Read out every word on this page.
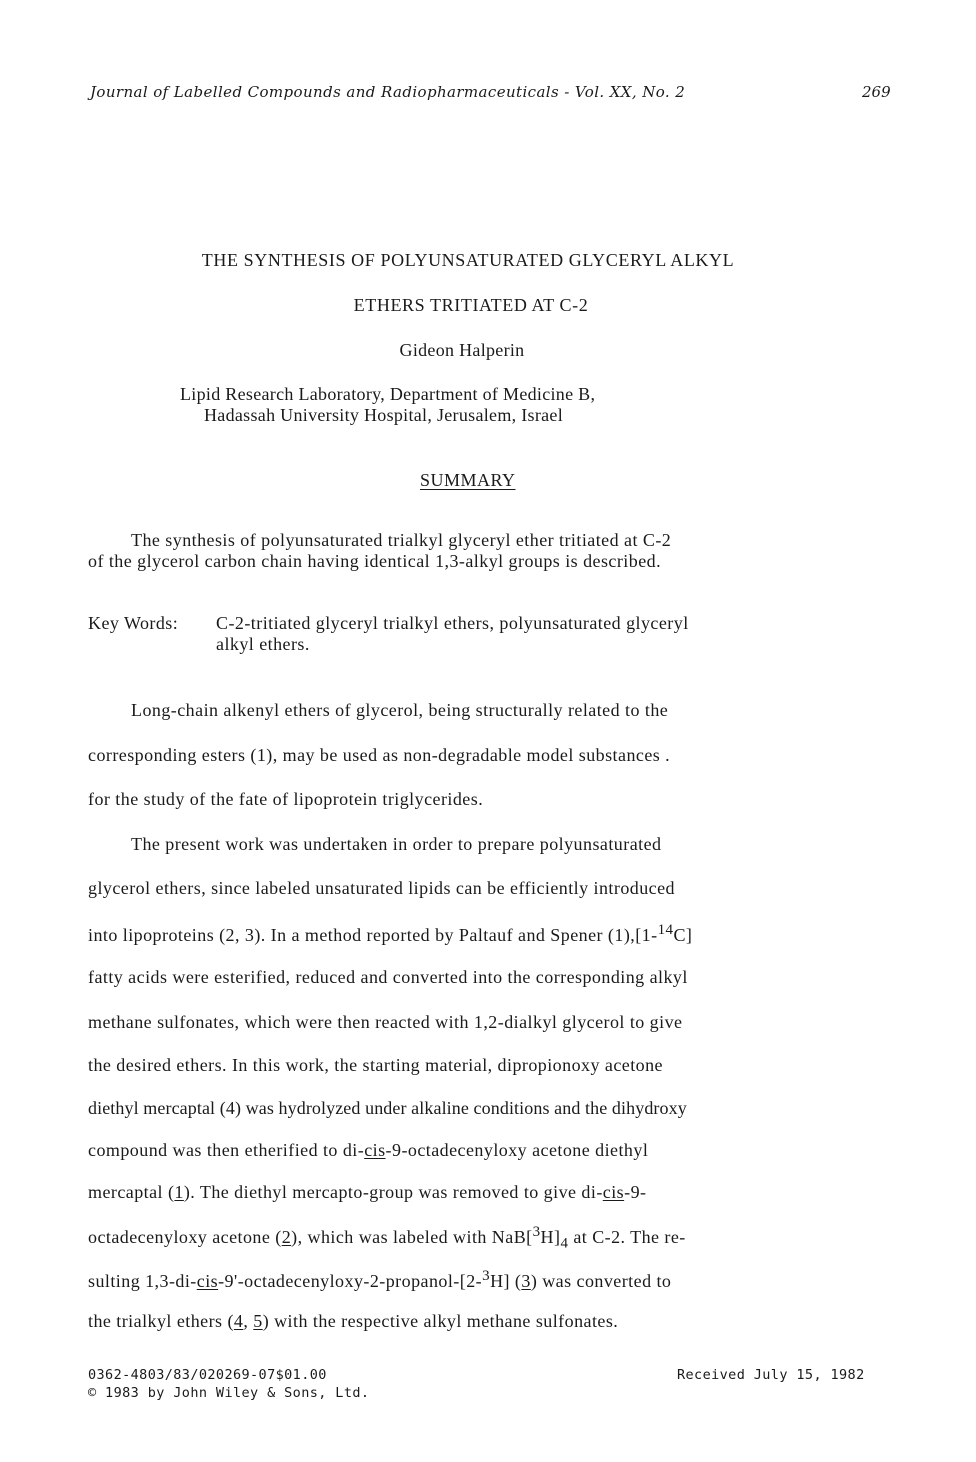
Journal of Labelled Compounds and Radiopharmaceuticals - Vol. XX, No. 2	269

THE SYNTHESIS OF POLYUNSATURATED GLYCERYL ALKYL

ETHERS TRITIATED AT C-2

Gideon Halperin

Lipid Research Laboratory, Department of Medicine B,

Hadassah University Hospital, Jerusalem, Israel

SUMMARY

The synthesis of polyunsaturated trialkyl glyceryl ether tritiated at C-2

of the glycerol carbon chain having identical 1,3-alkyl groups is described.

Key Words: C-2-tritiated glyceryl trialkyl ethers, polyunsaturated glyceryl

alkyl ethers.

Long-chain alkenyl ethers of glycerol, being structurally related to the

corresponding esters (1), may be used as non-degradable model substances .

for the study of the fate of lipoprotein triglycerides.

The present work was undertaken in order to prepare polyunsaturated

glycerol ethers, since labeled unsaturated lipids can be efficiently introduced

into lipoproteins (2, 3). In a method reported by Paltauf and Spener (1),[1-$^{14}$C]

fatty acids were esterified, reduced and converted into the corresponding alkyl

methane sulfonates, which were then reacted with 1,2-dialkyl glycerol to give

the desired ethers. In this work, the starting material, dipropionoxy acetone

diethyl mercaptal (4) was hydrolyzed under alkaline conditions and the dihydroxy

compound was then etherified to di-cis-9-octadecenyloxy acetone diethyl

mercaptal (1). The diethyl mercapto-group was removed to give di-cis-9-

octadecenyloxy acetone (2), which was labeled with $NaB[^3H]_4$ at C-2. The re-

sulting 1,3-di-cis-9'-octadecenyloxy-2-propanol-[2-$^3$H] (3) was converted to

the trialkyl ethers (4, 5) with the respective alkyl methane sulfonates.

0362-4803/83/020269-07$01.00

© 1983 by John Wiley & Sons, Ltd.

Received July 15, 1982
